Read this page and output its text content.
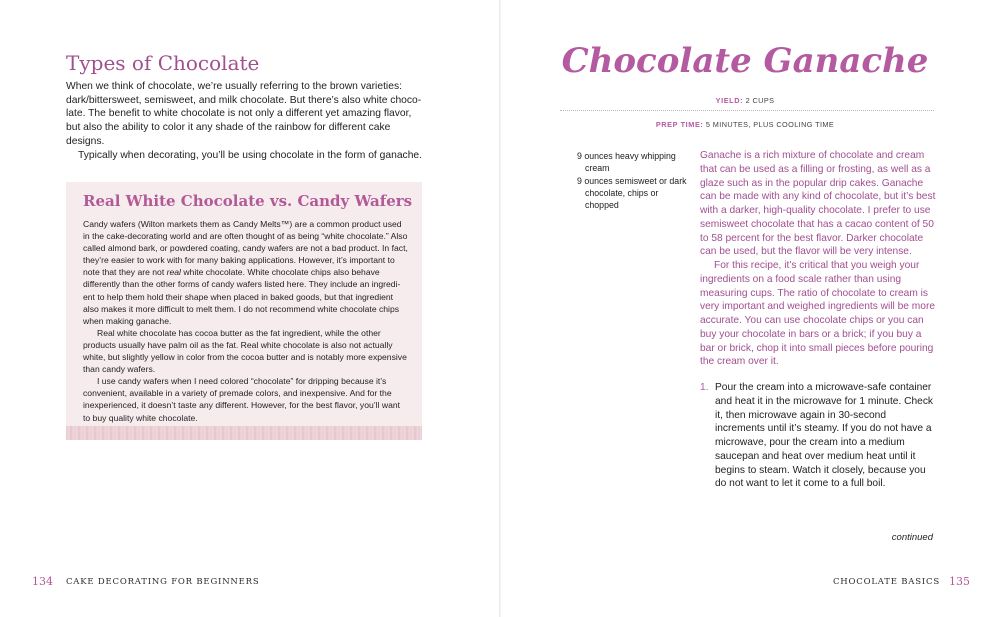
Types of Chocolate

When we think of chocolate, we’re usually referring to the brown varieties: dark/bittersweet, semisweet, and milk chocolate. But there’s also white chocolate. The benefit to white chocolate is not only a different yet amazing flavor, but also the ability to color it any shade of the rainbow for different cake designs.

Typically when decorating, you’ll be using chocolate in the form of ganache.

Real White Chocolate vs. Candy Wafers

Candy wafers (Wilton markets them as Candy Melts™) are a common product used in the cake-decorating world and are often thought of as being “white chocolate.” Also called almond bark, or powdered coating, candy wafers are not a bad product. In fact, they’re easier to work with for many baking applications. However, it’s important to note that they are not real white chocolate. White chocolate chips also behave differently than the other forms of candy wafers listed here. They include an ingredient to help them hold their shape when placed in baked goods, but that ingredient also makes it more difficult to melt them. I do not recommend white chocolate chips when making ganache.

Real white chocolate has cocoa butter as the fat ingredient, while the other products usually have palm oil as the fat. Real white chocolate is also not actually white, but slightly yellow in color from the cocoa butter and is notably more expensive than candy wafers.

I use candy wafers when I need colored “chocolate” for dripping because it’s convenient, available in a variety of premade colors, and inexpensive. And for the inexperienced, it doesn’t taste any different. However, for the best flavor, you’ll want to buy quality white chocolate.

134 CAKE DECORATING FOR BEGINNERS
Chocolate Ganache
YIELD: 2 CUPS
PREP TIME: 5 MINUTES, PLUS COOLING TIME
9 ounces heavy whipping cream
9 ounces semisweet or dark chocolate, chips or chopped

Ganache is a rich mixture of chocolate and cream that can be used as a filling or frosting, as well as a glaze such as in the popular drip cakes. Ganache can be made with any kind of chocolate, but it’s best with a darker, high-quality chocolate. I prefer to use semisweet chocolate that has a cacao content of 50 to 58 percent for the best flavor. Darker chocolate can be used, but the flavor will be very intense.

For this recipe, it’s critical that you weigh your ingredients on a food scale rather than using measuring cups. The ratio of chocolate to cream is very important and weighed ingredients will be more accurate. You can use chocolate chips or you can buy your chocolate in bars or a brick; if you buy a bar or brick, chop it into small pieces before pouring the cream over it.

1. Pour the cream into a microwave-safe container and heat it in the microwave for 1 minute. Check it, then microwave again in 30-second increments until it’s steamy. If you do not have a microwave, pour the cream into a medium saucepan and heat over medium heat until it begins to steam. Watch it closely, because you do not want to let it come to a full boil.
continued
CHOCOLATE BASICS 135
